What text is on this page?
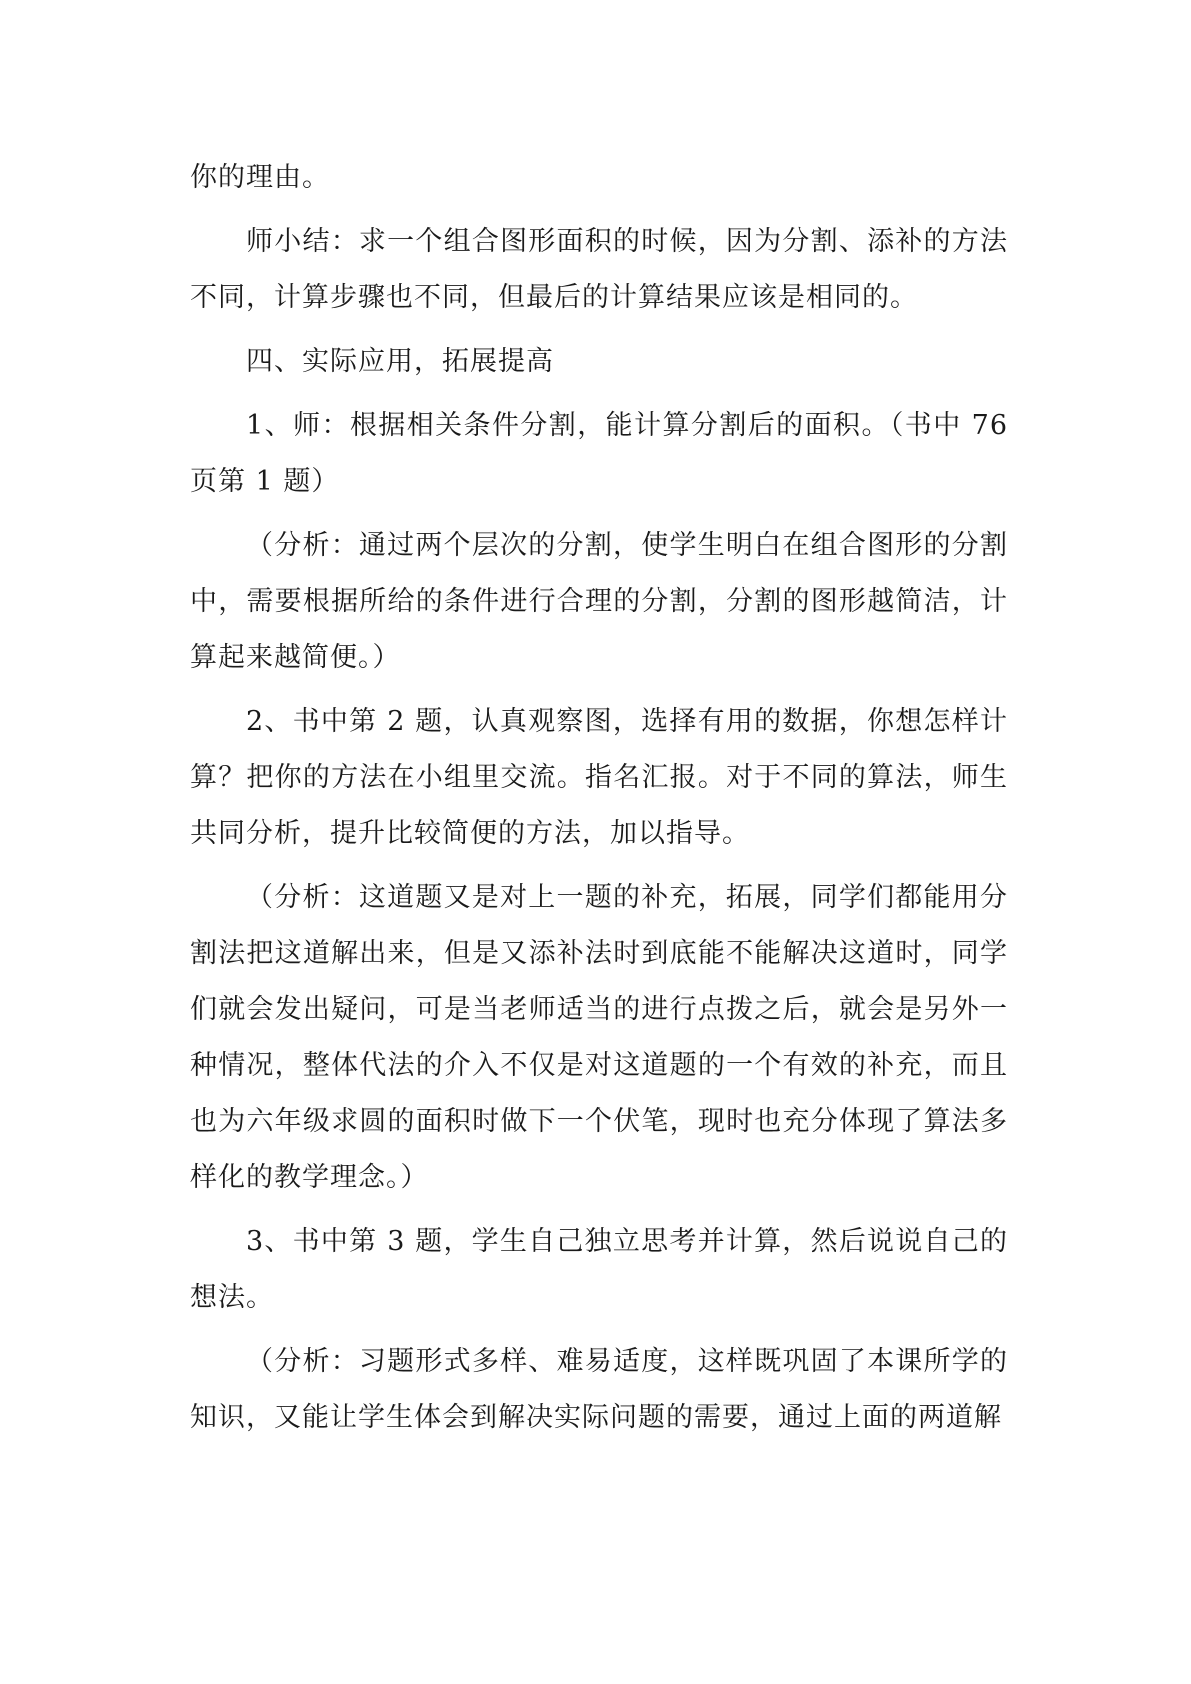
你的理由。

师小结：求一个组合图形面积的时候，因为分割、添补的方法不同，计算步骤也不同，但最后的计算结果应该是相同的。

四、实际应用，拓展提高

1、师：根据相关条件分割，能计算分割后的面积。（书中 76 页第 1 题）

（分析：通过两个层次的分割，使学生明白在组合图形的分割中，需要根据所给的条件进行合理的分割，分割的图形越简洁，计算起来越简便。）

2、书中第 2 题，认真观察图，选择有用的数据，你想怎样计算？把你的方法在小组里交流。指名汇报。对于不同的算法，师生共同分析，提升比较简便的方法，加以指导。

（分析：这道题又是对上一题的补充，拓展，同学们都能用分割法把这道解出来，但是又添补法时到底能不能解决这道时，同学们就会发出疑问，可是当老师适当的进行点拨之后，就会是另外一种情况，整体代法的介入不仅是对这道题的一个有效的补充，而且也为六年级求圆的面积时做下一个伏笔，现时也充分体现了算法多样化的教学理念。）

3、书中第 3 题，学生自己独立思考并计算，然后说说自己的想法。

（分析：习题形式多样、难易适度，这样既巩固了本课所学的知识，又能让学生体会到解决实际问题的需要，通过上面的两道解
